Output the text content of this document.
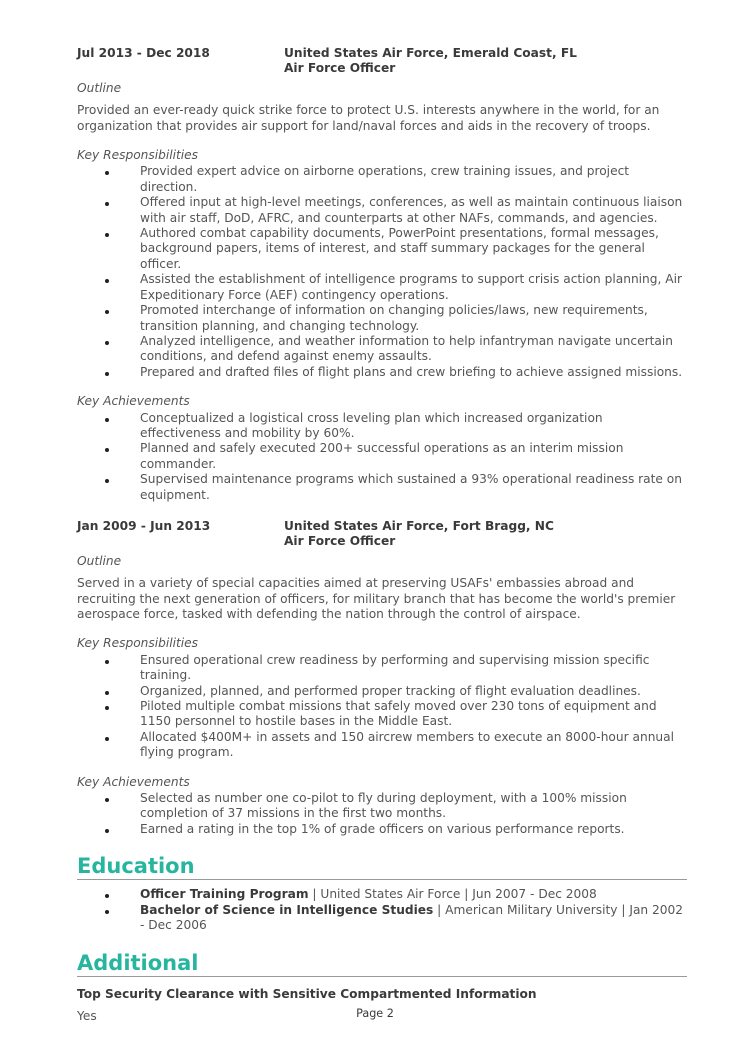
Jul 2013 - Dec 2018	United States Air Force, Emerald Coast, FL
Air Force Officer
Outline
Provided an ever-ready quick strike force to protect U.S. interests anywhere in the world, for an organization that provides air support for land/naval forces and aids in the recovery of troops.
Key Responsibilities
Provided expert advice on airborne operations, crew training issues, and project direction.
Offered input at high-level meetings, conferences, as well as maintain continuous liaison with air staff, DoD, AFRC, and counterparts at other NAFs, commands, and agencies.
Authored combat capability documents, PowerPoint presentations, formal messages, background papers, items of interest, and staff summary packages for the general officer.
Assisted the establishment of intelligence programs to support crisis action planning, Air Expeditionary Force (AEF) contingency operations.
Promoted interchange of information on changing policies/laws, new requirements, transition planning, and changing technology.
Analyzed intelligence, and weather information to help infantryman navigate uncertain conditions, and defend against enemy assaults.
Prepared and drafted files of flight plans and crew briefing to achieve assigned missions.
Key Achievements
Conceptualized a logistical cross leveling plan which increased organization effectiveness and mobility by 60%.
Planned and safely executed 200+ successful operations as an interim mission commander.
Supervised maintenance programs which sustained a 93% operational readiness rate on equipment.
Jan 2009 - Jun 2013	United States Air Force, Fort Bragg, NC
Air Force Officer
Outline
Served in a variety of special capacities aimed at preserving USAFs' embassies abroad and recruiting the next generation of officers, for military branch that has become the world's premier aerospace force, tasked with defending the nation through the control of airspace.
Key Responsibilities
Ensured operational crew readiness by performing and supervising mission specific training.
Organized, planned, and performed proper tracking of flight evaluation deadlines.
Piloted multiple combat missions that safely moved over 230 tons of equipment and 1150 personnel to hostile bases in the Middle East.
Allocated $400M+ in assets and 150 aircrew members to execute an 8000-hour annual flying program.
Key Achievements
Selected as number one co-pilot to fly during deployment, with a 100% mission completion of 37 missions in the first two months.
Earned a rating in the top 1% of grade officers on various performance reports.
Education
Officer Training Program | United States Air Force | Jun 2007 - Dec 2008
Bachelor of Science in Intelligence Studies | American Military University | Jan 2002 - Dec 2006
Additional
Top Security Clearance with Sensitive Compartmented Information
Yes	Page 2
